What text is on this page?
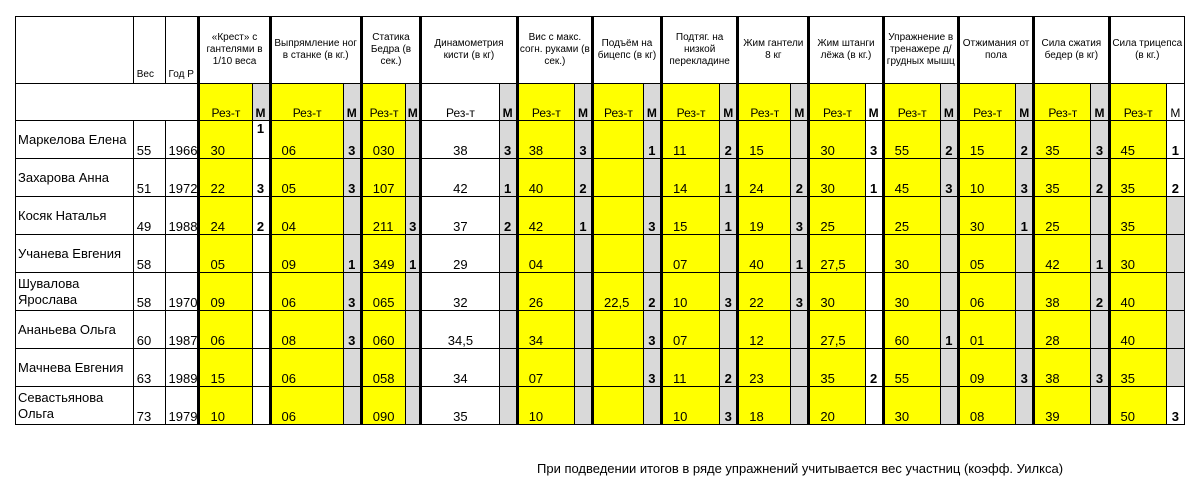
	Вес	Год Р	«Крест» с гантелями в 1/10 веса		Выпрямление ног в станке (в кг.)		Статика Бедра (в сек.)		Динамометрия кисти (в кг)		Вис с макс. согн. руками (в сек.)		Подъём на бицепс (в кг)		Подтяг. на низкой перекладине		Жим гантели 8 кг		Жим штанги лёжа (в кг.)		Упражнение в тренажере д/ грудных мышц		Отжимания от пола		Сила сжатия бедер (в кг)		Сила трицепса (в кг.)	
			Рез-т	М	Рез-т	М	Рез-т	М	Рез-т	М	Рез-т	М	Рез-т	М	Рез-т	М	Рез-т	М	Рез-т	М	Рез-т	М	Рез-т	М	Рез-т	М	Рез-т	М
Маркелова Елена	55	1966	30	1	06	3	030		38	3	38	3		1	11	2	15		30	3	55	2	15	2	35	3	45	1
Захарова Анна	51	1972	22	3	05	3	107		42	1	40	2			14	1	24	2	30	1	45	3	10	3	35	2	35	2
Косяк Наталья	49	1988	24	2	04		211	3	37	2	42	1		3	15	1	19	3	25		25		30	1	25		35	
Учанева Евгения	58		05		09	1	349	1	29		04				07		40	1	27,5		30		05		42	1	30	
Шувалова Ярослава	58	1970	09		06	3	065		32		26		22,5	2	10	3	22	3	30		30		06		38	2	40	
Ананьева Ольга	60	1987	06		08	3	060		34,5		34			3	07		12		27,5		60	1	01		28		40	
Мачнева Евгения	63	1989	15		06		058		34		07			3	11	2	23		35	2	55		09	3	38	3	35	
Севастьянова Ольга	73	1979	10		06		090		35		10				10	3	18		20		30		08		39		50	3
При подведении итогов в ряде упражнений учитывается вес участниц (коэфф. Уилкса)
